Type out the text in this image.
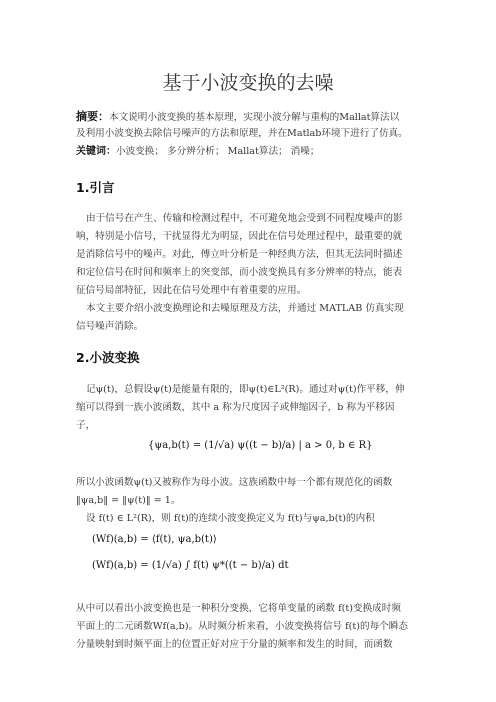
基于小波变换的去噪
摘要：本文说明小波变换的基本原理，实现小波分解与重构的Mallat算法以
及利用小波变换去除信号噪声的方法和原理，并在Matlab环境下进行了仿真。
关键词：小波变换； 多分辨分析； Mallat算法； 消噪；
1.引言
由于信号在产生、传输和检测过程中，不可避免地会受到不同程度噪声的影
响，特别是小信号，干扰显得尤为明显，因此在信号处理过程中，最重要的就
是消除信号中的噪声。对此，傅立叶分析是一种经典方法，但其无法同时描述
和定位信号在时间和频率上的突变部，而小波变换具有多分辨率的特点，能表
征信号局部特征，因此在信号处理中有着重要的应用。
本文主要介绍小波变换理论和去噪原理及方法，并通过 MATLAB 仿真实现
信号噪声消除。
2.小波变换
记ψ(t)，总假设ψ(t)是能量有限的，即ψ(t)∈L²(R)。通过对ψ(t)作平移，伸
缩可以得到一族小波函数，其中 a 称为尺度因子或伸缩因子，b 称为平移因
子，
{ψa,b(t) = (1/√a) ψ((t − b)/a) | a > 0, b ∈ R}
所以小波函数ψ(t)又被称作为母小波。这族函数中每一个都有规范化的函数
‖ψa,b‖ = ‖ψ(t)‖ = 1。
设 f(t) ∈ L²(R)，则 f(t)的连续小波变换定义为 f(t)与ψa,b(t)的内积
(Wf)(a,b) = ⟨f(t), ψa,b(t)⟩
(Wf)(a,b) = (1/√a) ∫ f(t) ψ*((t − b)/a) dt
从中可以看出小波变换也是一种积分变换，它将单变量的函数 f(t)变换成时频
平面上的二元函数Wf(a,b)。从时频分析来看，小波变换将信号 f(t)的每个瞬态
分量映射到时频平面上的位置正好对应于分量的频率和发生的时间，而函数
